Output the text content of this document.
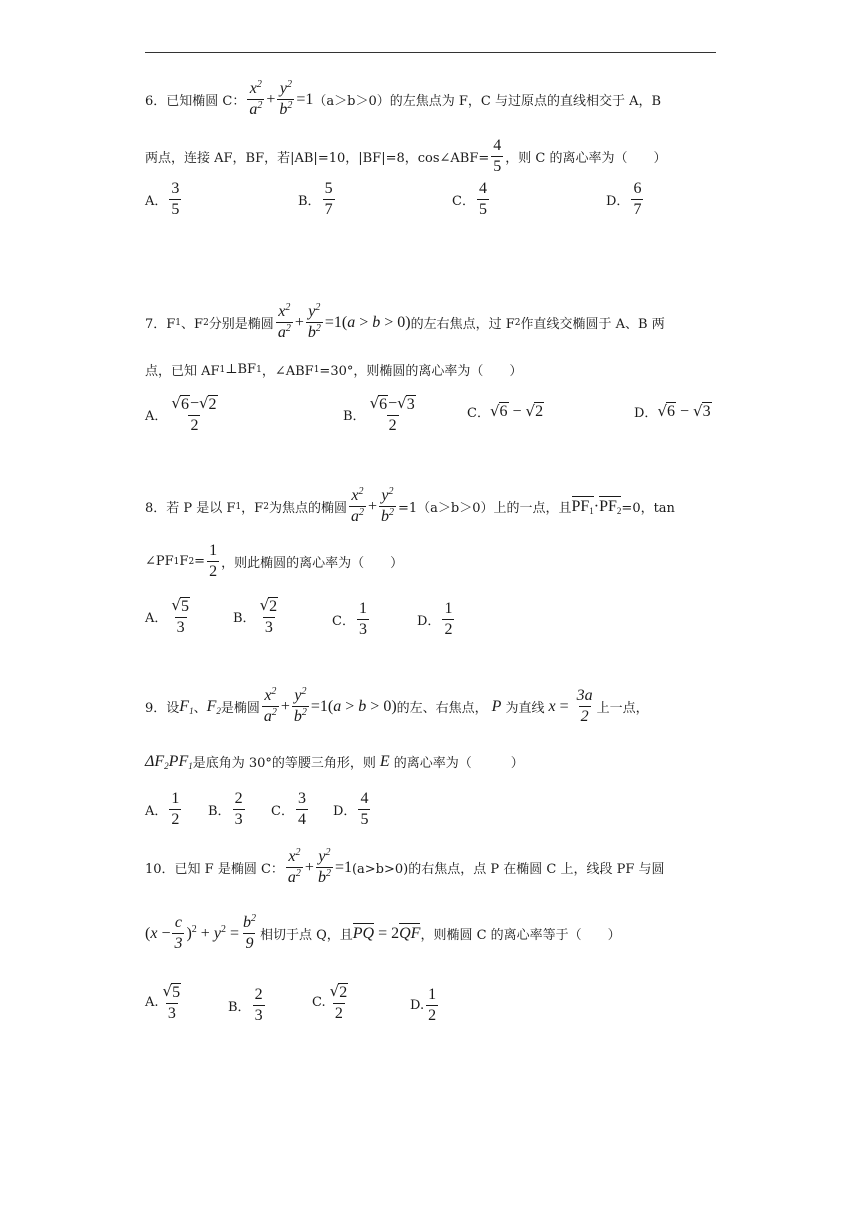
6．已知椭圆 C： $\frac{x^2}{a^2} + \frac{y^2}{b^2} =1$ （a＞b＞0）的左焦点为 F，C 与过原点的直线相交于 A，B
两点，连接 AF，BF，若|AB|=10，|BF|=8，cos∠ABF= $\frac{4}{5}$ ，则 C 的离心率为（　　）
A． $\frac{3}{5}$	B． $\frac{5}{7}$	C． $\frac{4}{5}$	D． $\frac{6}{7}$
7．F 1 、F 2 分别是椭圆 $\frac{x^2}{a^2} + \frac{y^2}{b^2} =1(a > b > 0)$ 的左右焦点，过 F 2 作直线交椭圆于 A、B 两
点，已知 AF 1 ⊥BF 1 ，∠ABF 1 =30°，则椭圆的离心率为（　　）
A． $\frac{√ 6 - √ 2}{2}$	B． $\frac{√ 6 - √ 3}{2}$	C． √ 6 − √ 2	D． √ 6 − √ 3
8．若 P 是以 F 1 ，F 2 为焦点的椭圆 $\frac{x^2}{a^2} + \frac{y^2}{b^2} =1(a>b>0)$上的一点，且 $PF_1\cdot PF_2 =0$，tan
∠PF 1 F $2 = \frac{1}{2}$ ，则此椭圆的离心率为（　　）
A． $\frac{√ 5}{3}$	B． $\frac{√ 2}{3}$	C． $\frac{1}{3}$	D． $\frac{1}{2}$
9．设 $F_1$ 、 $F_2$ 是椭圆 $\frac{x^2}{a^2} + \frac{y^2}{b^2} =1(a > b > 0)$ 的左、右焦点， P 为直线 $x = \frac{3a}{2}$ 上一点，
$\Delta F_2PF_1$ 是底角为 30°的等腰三角形，则 E 的离心率为（　　　）
A． $\frac{1}{2}$ B． $\frac{2}{3}$ C． $\frac{3}{4}$ D． $\frac{4}{5}$
10．已知 F 是椭圆 C： $\frac{x^2}{a^2} + \frac{y^2}{b^2} =1$ (a>b>0)的右焦点，点 P 在椭圆 C 上，线段 PF 与圆
$(x - \frac{c}{3} )^2 + y^2 = \frac{b^2}{9}$ 相切于点 Q，且 PQ = 2QF ，则椭圆 C 的离心率等于（　　）
A. $\frac{√ 5}{3}$	B． $\frac{2}{3}$	C. $\frac{√ 2}{2}$	D. $\frac{1}{2}$
